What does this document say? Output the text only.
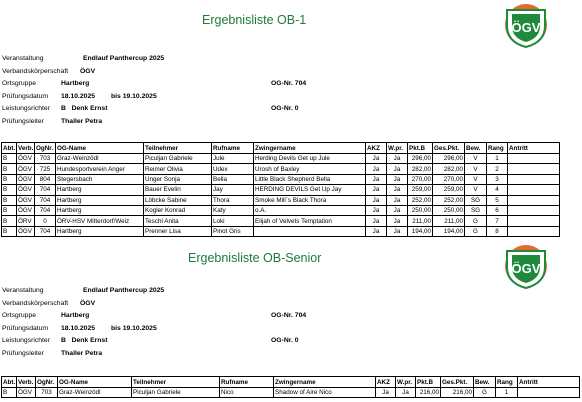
Ergebnisliste OB-1	ÖGV
Veranstaltung	Endlauf Panthercup 2025
Verbandskörperschaft ÖGV
Ortsgruppe	Hartberg	OG-Nr. 704
Prüfungsdatum 18.10.2025 bis 19.10.2025
Leistungsrichter B   Denk Ernst	OG-Nr. 0
Prüfungsleiter	Thaller Petra
Abt.	Verb.	OgNr.	OG-Name	Teilnehmer	Rufname	Zwingername	AKZ	W.pr.	Pkt.B	Ges.Pkt.	Bew.	Rang	Antritt
B	ÖGV	703	Graz-Weinzödl	Piculjan Gabriele	Jule	Herding Devils Get up Jule	Ja	Ja	296,00	296,00	V	1	
B	ÖGV	725	Hundesportverein Anger	Reimer Olivia	Udex	Urosh of Baxley	Ja	Ja	282,00	282,00	V	2	
B	ÖGV	804	Stegersbach	Unger Sonja	Bella	Little Black Shepherd Bella	Ja	Ja	270,00	270,00	V	3	
B	ÖGV	704	Hartberg	Bauer Evelin	Jay	HERDING DEVILS Get Up Jay	Ja	Ja	259,00	259,00	V	4	
B	ÖGV	704	Hartberg	Löbcke Sabine	Thora	Smoke Mill´s Black Thora	Ja	Ja	252,00	252,00	SG	5	
B	ÖGV	704	Hartberg	Kogler Konrad	Katy	o.A.	Ja	Ja	250,00	250,00	SG	6	
B	ÖRV	0	ÖRV-HSV Mitterdorf/Weiz	Teschl Anita	Loki	Elijah of Velvets Temptation	Ja	Ja	211,00	211,00	G	7	
B	ÖGV	704	Hartberg	Prenner Lisa	Pinot Gris		Ja	Ja	194,00	194,00	G	8	
Ergebnisliste OB-Senior
ÖGV
Veranstaltung	Endlauf Panthercup 2025
Verbandskörperschaft ÖGV
Ortsgruppe	Hartberg	OG-Nr. 704
Prüfungsdatum 18.10.2025 bis 19.10.2025
Leistungsrichter B   Denk Ernst	OG-Nr. 0
Prüfungsleiter	Thaller Petra
Abt.	Verb.	OgNr.	OG-Name	Teilnehmer	Rufname	Zwingername	AKZ	W.pr.	Pkt.B	Ges.Pkt.	Bew.	Rang	Antritt
B	ÖGV	703	Graz-Weinzödl	Piculjan Gabriele	Nico	Shadow of Aire Nico	Ja	Ja	216,00	216,00	G	1	
